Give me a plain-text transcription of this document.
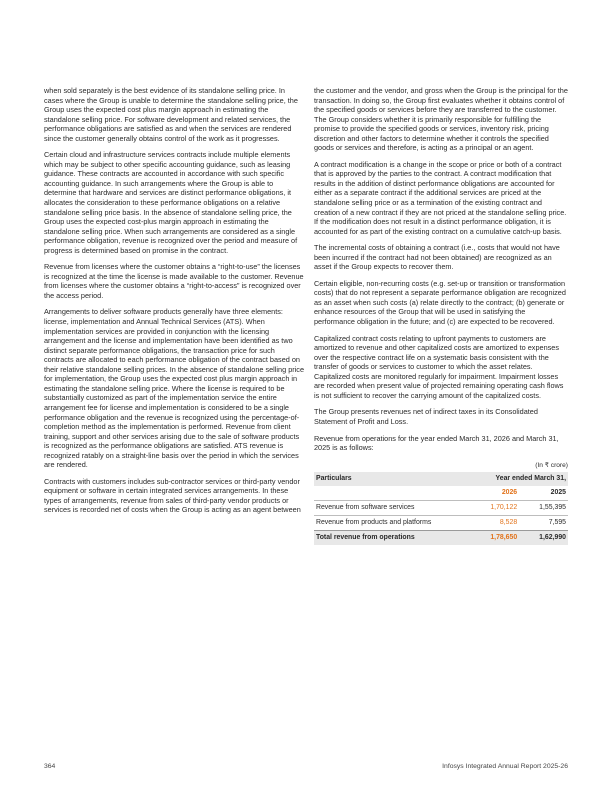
when sold separately is the best evidence of its standalone selling price. In cases where the Group is unable to determine the standalone selling price, the Group uses the expected cost plus margin approach in estimating the standalone selling price. For software development and related services, the performance obligations are satisfied as and when the services are rendered since the customer generally obtains control of the work as it progresses.

Certain cloud and infrastructure services contracts include multiple elements which may be subject to other specific accounting guidance, such as leasing guidance. These contracts are accounted in accordance with such specific accounting guidance. In such arrangements where the Group is able to determine that hardware and services are distinct performance obligations, it allocates the consideration to these performance obligations on a relative standalone selling price basis. In the absence of standalone selling price, the Group uses the expected cost-plus margin approach in estimating the standalone selling price. When such arrangements are considered as a single performance obligation, revenue is recognized over the period and measure of progress is determined based on promise in the contract.

Revenue from licenses where the customer obtains a “right-to-use” the licenses is recognized at the time the license is made available to the customer. Revenue from licenses where the customer obtains a “right-to-access” is recognized over the access period.

Arrangements to deliver software products generally have three elements: license, implementation and Annual Technical Services (ATS). When implementation services are provided in conjunction with the licensing arrangement and the license and implementation have been identified as two distinct separate performance obligations, the transaction price for such contracts are allocated to each performance obligation of the contract based on their relative standalone selling prices. In the absence of standalone selling price for implementation, the Group uses the expected cost plus margin approach in estimating the standalone selling price. Where the license is required to be substantially customized as part of the implementation service the entire arrangement fee for license and implementation is considered to be a single performance obligation and the revenue is recognized using the percentage-of-completion method as the implementation is performed. Revenue from client training, support and other services arising due to the sale of software products is recognized as the performance obligations are satisfied. ATS revenue is recognized ratably on a straight-line basis over the period in which the services are rendered.

Contracts with customers includes sub-contractor services or third-party vendor equipment or software in certain integrated services arrangements. In these types of arrangements, revenue from sales of third-party vendor products or services is recorded net of costs when the Group is acting as an agent between

the customer and the vendor, and gross when the Group is the principal for the transaction. In doing so, the Group first evaluates whether it obtains control of the specified goods or services before they are transferred to the customer. The Group considers whether it is primarily responsible for fulfilling the promise to provide the specified goods or services, inventory risk, pricing discretion and other factors to determine whether it controls the specified goods or services and therefore, is acting as a principal or an agent.

A contract modification is a change in the scope or price or both of a contract that is approved by the parties to the contract. A contract modification that results in the addition of distinct performance obligations are accounted for either as a separate contract if the additional services are priced at the standalone selling price or as a termination of the existing contract and creation of a new contract if they are not priced at the standalone selling price. If the modification does not result in a distinct performance obligation, it is accounted for as part of the existing contract on a cumulative catch-up basis.

The incremental costs of obtaining a contract (i.e., costs that would not have been incurred if the contract had not been obtained) are recognized as an asset if the Group expects to recover them.

Certain eligible, non-recurring costs (e.g. set-up or transition or transformation costs) that do not represent a separate performance obligation are recognized as an asset when such costs (a) relate directly to the contract; (b) generate or enhance resources of the Group that will be used in satisfying the performance obligation in the future; and (c) are expected to be recovered.

Capitalized contract costs relating to upfront payments to customers are amortized to revenue and other capitalized costs are amortized to expenses over the respective contract life on a systematic basis consistent with the transfer of goods or services to customer to which the asset relates. Capitalized costs are monitored regularly for impairment. Impairment losses are recorded when present value of projected remaining operating cash flows is not sufficient to recover the carrying amount of the capitalized costs.

The Group presents revenues net of indirect taxes in its Consolidated Statement of Profit and Loss.

Revenue from operations for the year ended March 31, 2026 and March 31, 2025 is as follows:

(In ₹ crore)
Particulars	Year ended March 31,	
	2026	2025
Revenue from software services	1,70,122	1,55,395
Revenue from products and platforms	8,528	7,595
Total revenue from operations	1,78,650	1,62,990
364	Infosys Integrated Annual Report 2025-26
